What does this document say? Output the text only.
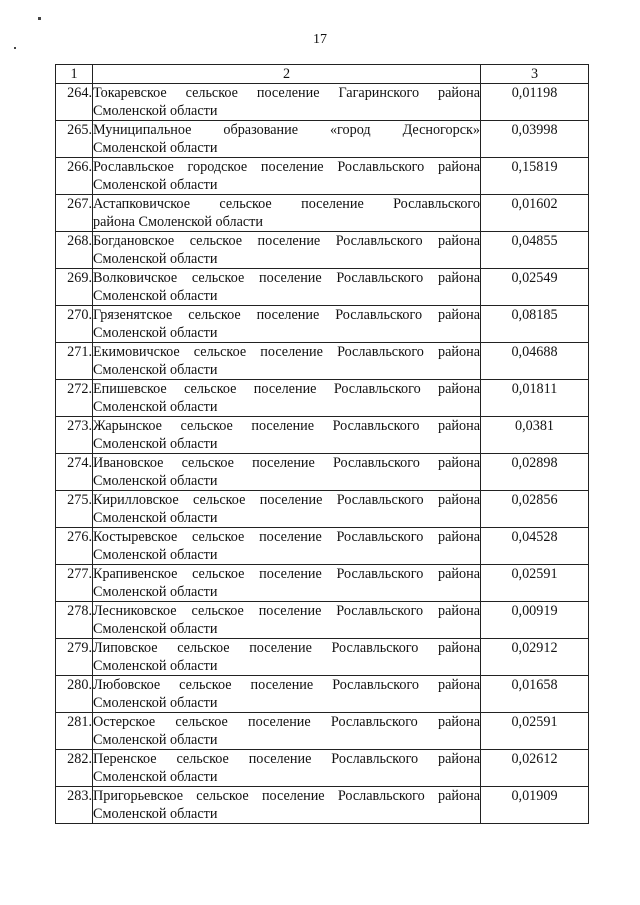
17
1	2	3
264.	Токаревское сельское поселение Гагаринского района
Смоленской области	0,01198
265.	Муниципальное образование «город Десногорск»
Смоленской области	0,03998
266.	Рославльское городское поселение Рославльского района
Смоленской области	0,15819
267.	Астапковичское сельское поселение Рославльского
района Смоленской области	0,01602
268.	Богдановское сельское поселение Рославльского района
Смоленской области	0,04855
269.	Волковичское сельское поселение Рославльского района
Смоленской области	0,02549
270.	Грязенятское сельское поселение Рославльского района
Смоленской области	0,08185
271.	Екимовичское сельское поселение Рославльского района
Смоленской области	0,04688
272.	Епишевское сельское поселение Рославльского района
Смоленской области	0,01811
273.	Жарынское сельское поселение Рославльского района
Смоленской области	0,0381
274.	Ивановское сельское поселение Рославльского района
Смоленской области	0,02898
275.	Кирилловское сельское поселение Рославльского района
Смоленской области	0,02856
276.	Костыревское сельское поселение Рославльского района
Смоленской области	0,04528
277.	Крапивенское сельское поселение Рославльского района
Смоленской области	0,02591
278.	Лесниковское сельское поселение Рославльского района
Смоленской области	0,00919
279.	Липовское сельское поселение Рославльского района
Смоленской области	0,02912
280.	Любовское сельское поселение Рославльского района
Смоленской области	0,01658
281.	Остерское сельское поселение Рославльского района
Смоленской области	0,02591
282.	Перенское сельское поселение Рославльского района
Смоленской области	0,02612
283.	Пригорьевское сельское поселение Рославльского района
Смоленской области	0,01909
